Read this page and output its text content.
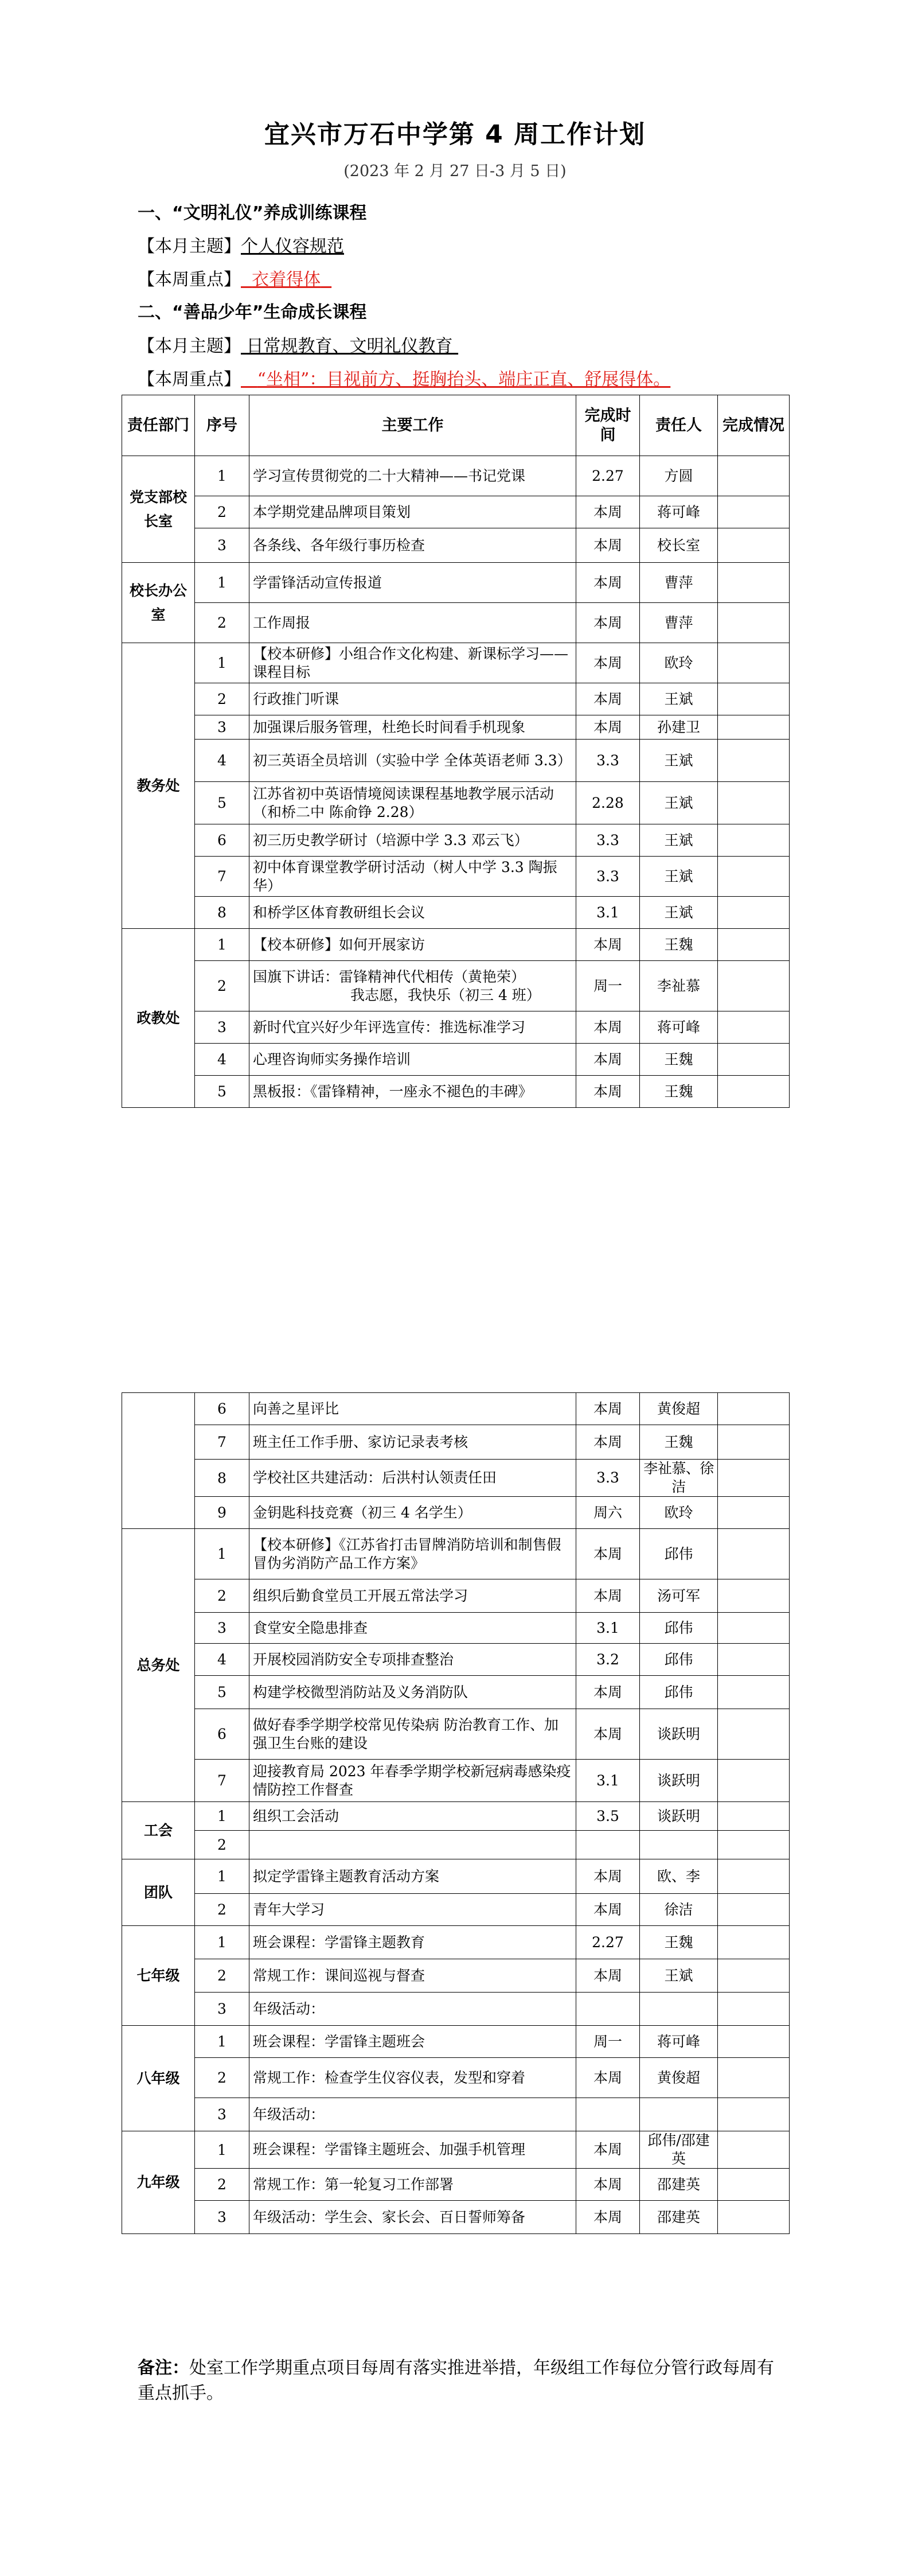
宜兴市万石中学第 4 周工作计划
(2023 年 2 月 27 日-3 月 5 日)
一、“文明礼仪”养成训练课程
【本月主题】个人仪容规范
【本周重点】 衣着得体
二、“善品少年”生命成长课程
【本月主题】 日常规教育、文明礼仪教育
【本周重点】 “坐相”：目视前方、挺胸抬头、端庄正直、舒展得体。
责任部门	序号	主要工作	完成时间	责任人	完成情况
党支部校长室	1	学习宣传贯彻党的二十大精神——书记党课	2.27	方圆	
	2	本学期党建品牌项目策划	本周	蒋可峰	
	3	各条线、各年级行事历检查	本周	校长室	
校长办公室	1	学雷锋活动宣传报道	本周	曹萍	
	2	工作周报	本周	曹萍	
教务处	1	【校本研修】小组合作文化构建、新课标学习——课程目标	本周	欧玲	
	2	行政推门听课	本周	王斌	
	3	加强课后服务管理，杜绝长时间看手机现象	本周	孙建卫	
	4	初三英语全员培训（实验中学 全体英语老师 3.3）	3.3	王斌	
	5	江苏省初中英语情境阅读课程基地教学展示活动（和桥二中 陈俞铮 2.28）	2.28	王斌	
	6	初三历史教学研讨（培源中学 3.3 邓云飞）	3.3	王斌	
	7	初中体育课堂教学研讨活动（树人中学 3.3 陶振华）	3.3	王斌	
	8	和桥学区体育教研组长会议	3.1	王斌	
政教处	1	【校本研修】如何开展家访	本周	王魏	
	2	国旗下讲话：雷锋精神代代相传（黄艳荣）
我志愿，我快乐（初三 4 班）	周一	李祉慕	
	3	新时代宜兴好少年评选宣传：推选标准学习	本周	蒋可峰	
	4	心理咨询师实务操作培训	本周	王魏	
	5	黑板报：《雷锋精神，一座永不褪色的丰碑》	本周	王魏	
	6	向善之星评比	本周	黄俊超	
	7	班主任工作手册、家访记录表考核	本周	王魏	
	8	学校社区共建活动：后洪村认领责任田	3.3	李祉慕、徐洁	
	9	金钥匙科技竞赛（初三 4 名学生）	周六	欧玲	
总务处	1	【校本研修】《江苏省打击冒牌消防培训和制售假冒伪劣消防产品工作方案》	本周	邱伟	
	2	组织后勤食堂员工开展五常法学习	本周	汤可军	
	3	食堂安全隐患排查	3.1	邱伟	
	4	开展校园消防安全专项排查整治	3.2	邱伟	
	5	构建学校微型消防站及义务消防队	本周	邱伟	
	6	做好春季学期学校常见传染病 防治教育工作、加强卫生台账的建设	本周	谈跃明	
	7	迎接教育局 2023 年春季学期学校新冠病毒感染疫情防控工作督查	3.1	谈跃明	
工会	1	组织工会活动	3.5	谈跃明	
	2				
团队	1	拟定学雷锋主题教育活动方案	本周	欧、李	
	2	青年大学习	本周	徐洁	
七年级	1	班会课程：学雷锋主题教育	2.27	王魏	
	2	常规工作：课间巡视与督查	本周	王斌	
	3	年级活动：			
八年级	1	班会课程：学雷锋主题班会	周一	蒋可峰	
	2	常规工作：检查学生仪容仪表，发型和穿着	本周	黄俊超	
	3	年级活动：			
九年级	1	班会课程：学雷锋主题班会、加强手机管理	本周	邱伟/邵建英	
	2	常规工作：第一轮复习工作部署	本周	邵建英	
	3	年级活动：学生会、家长会、百日誓师筹备	本周	邵建英	
备注：处室工作学期重点项目每周有落实推进举措，年级组工作每位分管行政每周有重点抓手。
